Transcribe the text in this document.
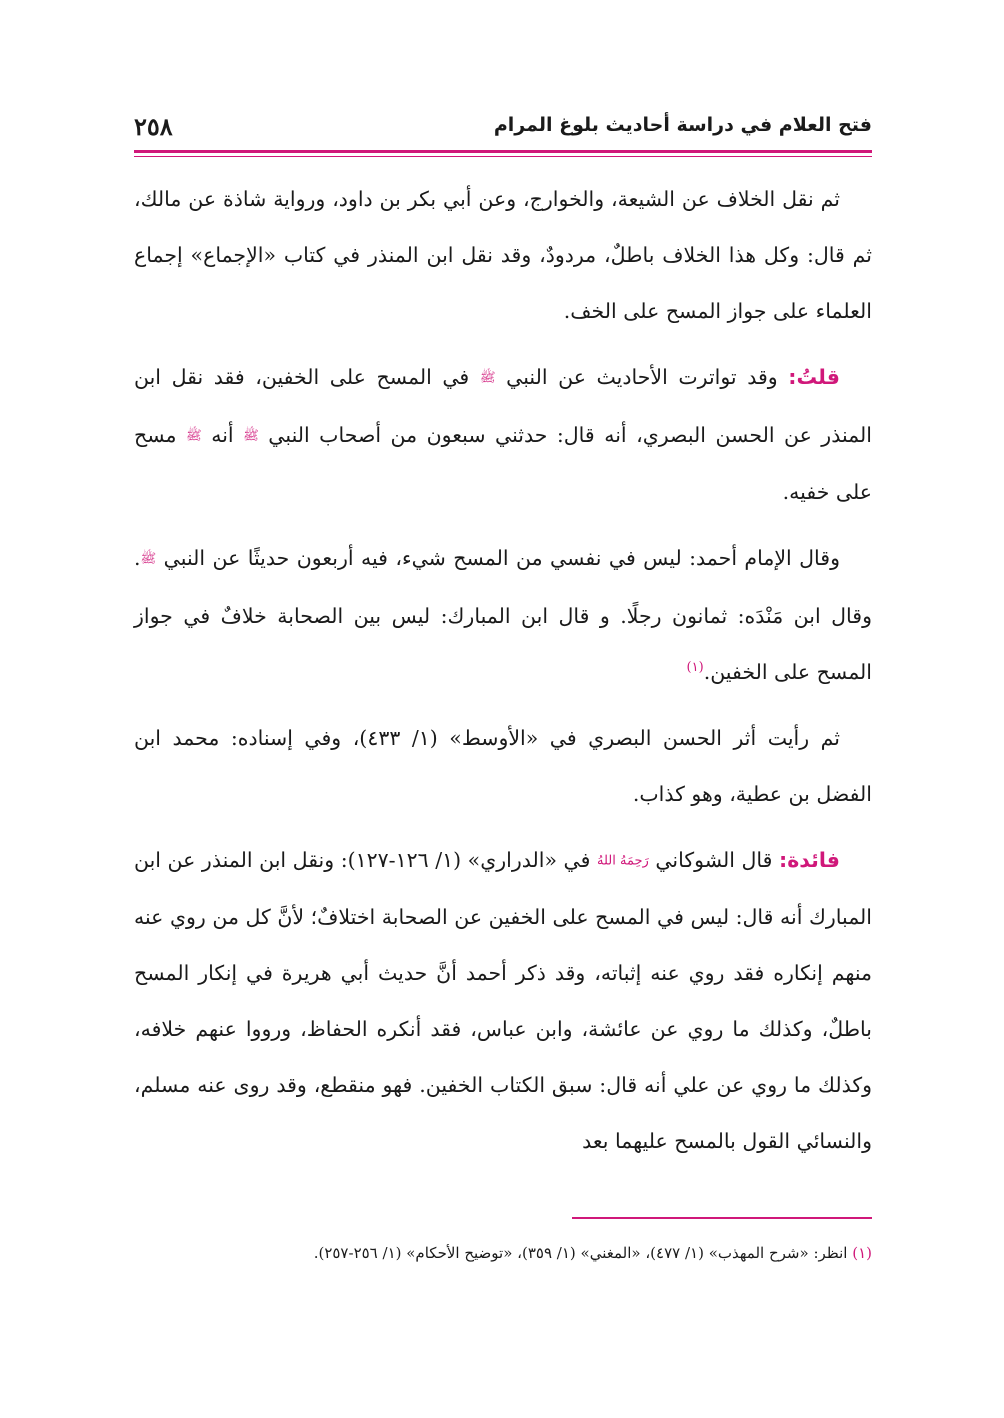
فتح العلام في دراسة أحاديث بلوغ المرام
٢٥٨

ثم نقل الخلاف عن الشيعة، والخوارج، وعن أبي بكر بن داود، ورواية شاذة عن مالك، ثم قال: وكل هذا الخلاف باطلٌ، مردودٌ، وقد نقل ابن المنذر في كتاب «الإجماع» إجماع العلماء على جواز المسح على الخف.

قلتُ: وقد تواترت الأحاديث عن النبي ﷺ في المسح على الخفين، فقد نقل ابن المنذر عن الحسن البصري، أنه قال: حدثني سبعون من أصحاب النبي ﷺ أنه ﷺ مسح على خفيه.

وقال الإمام أحمد: ليس في نفسي من المسح شيء، فيه أربعون حديثًا عن النبي ﷺ. وقال ابن مَنْدَه: ثمانون رجلًا. و قال ابن المبارك: ليس بين الصحابة خلافٌ في جواز المسح على الخفين.$^{(١)}$

ثم رأيت أثر الحسن البصري في «الأوسط» (١/ ٤٣٣)، وفي إسناده: محمد ابن الفضل بن عطية، وهو كذاب.

فائدة: قال الشوكاني رَحِمَهُ اللهُ في «الدراري» (١/ ١٢٦-١٢٧): ونقل ابن المنذر عن ابن المبارك أنه قال: ليس في المسح على الخفين عن الصحابة اختلافٌ؛ لأنَّ كل من روي عنه منهم إنكاره فقد روي عنه إثباته، وقد ذكر أحمد أنَّ حديث أبي هريرة في إنكار المسح باطلٌ، وكذلك ما روي عن عائشة، وابن عباس، فقد أنكره الحفاظ، ورووا عنهم خلافه، وكذلك ما روي عن علي أنه قال: سبق الكتاب الخفين. فهو منقطع، وقد روى عنه مسلم، والنسائي القول بالمسح عليهما بعد

(١) انظر: «شرح المهذب» (١/ ٤٧٧)، «المغني» (١/ ٣٥٩)، «توضيح الأحكام» (١/ ٢٥٦-٢٥٧).
